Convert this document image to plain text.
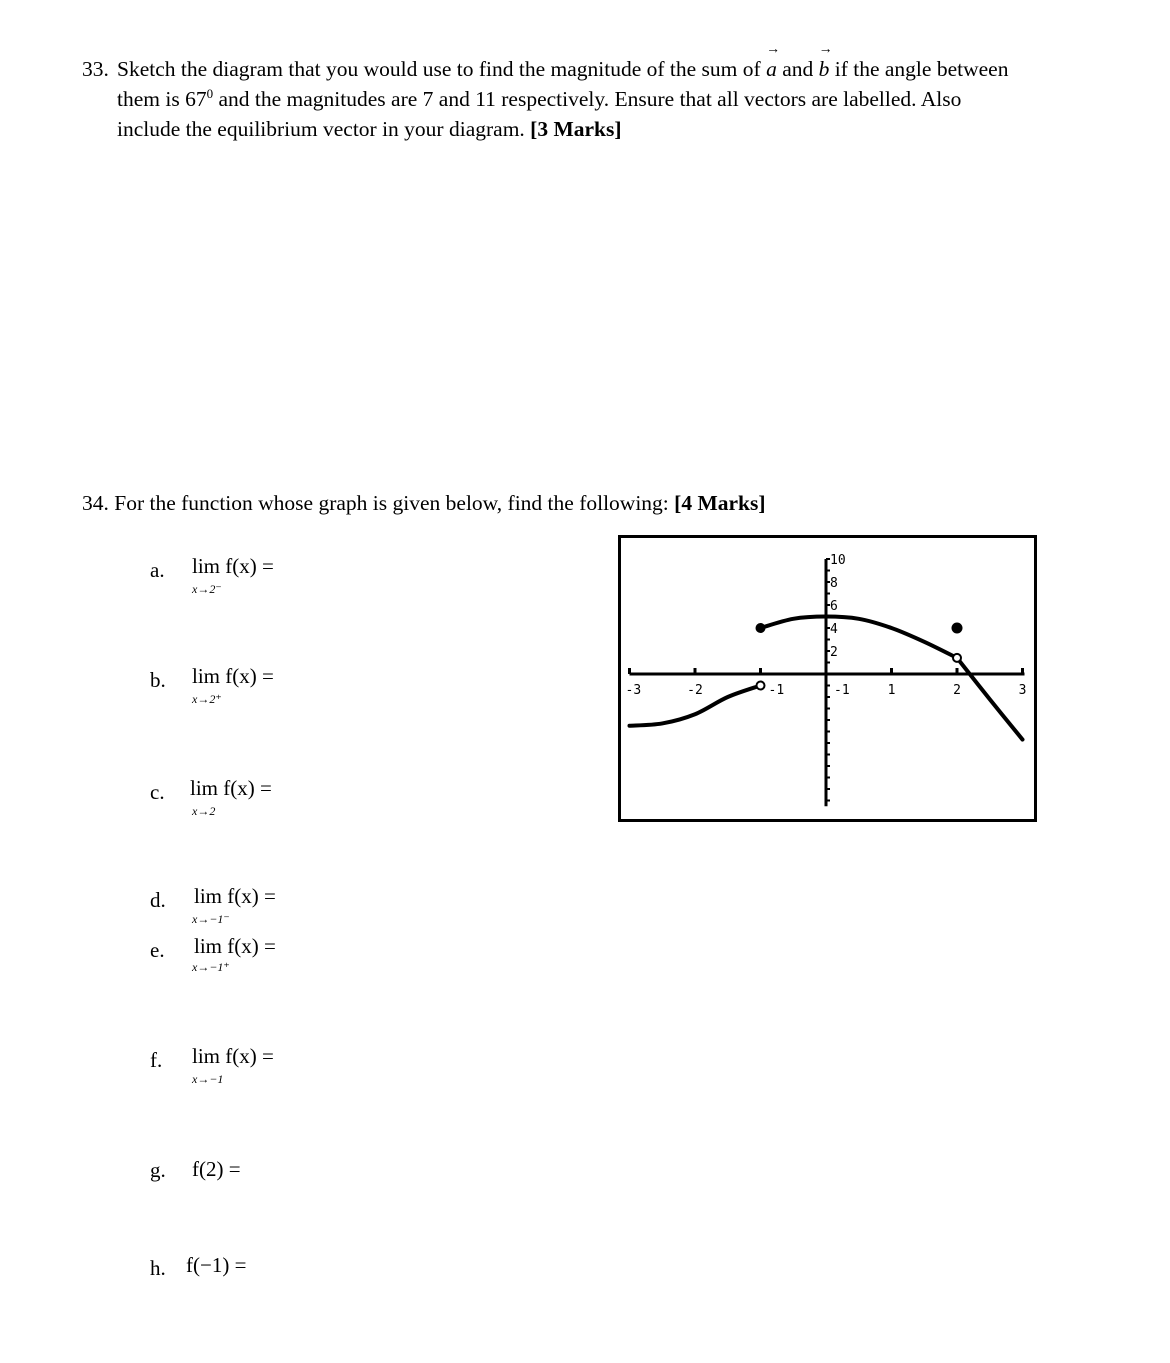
33. Sketch the diagram that you would use to find the magnitude of the sum of
→
a and
→
b if the angle between
them is $67^0$ and the magnitudes are 7 and 11 respectively. Ensure that all vectors are labelled. Also
include the equilibrium vector in your diagram. [3 Marks]
34. For the function whose graph is given below, find the following: [4 Marks]
a. lim f(x) =
x→2⁻
b. lim f(x) =
x→2⁺
c. lim f(x) =
x→2
d. lim f(x) =
x→−1⁻
e. lim f(x) =
x→−1⁺
f. lim f(x) =
x→−1
g. f(2) =
h. f(−1) =
-3	-2	-1	-1	1	2	3
10
8
6
4
2
